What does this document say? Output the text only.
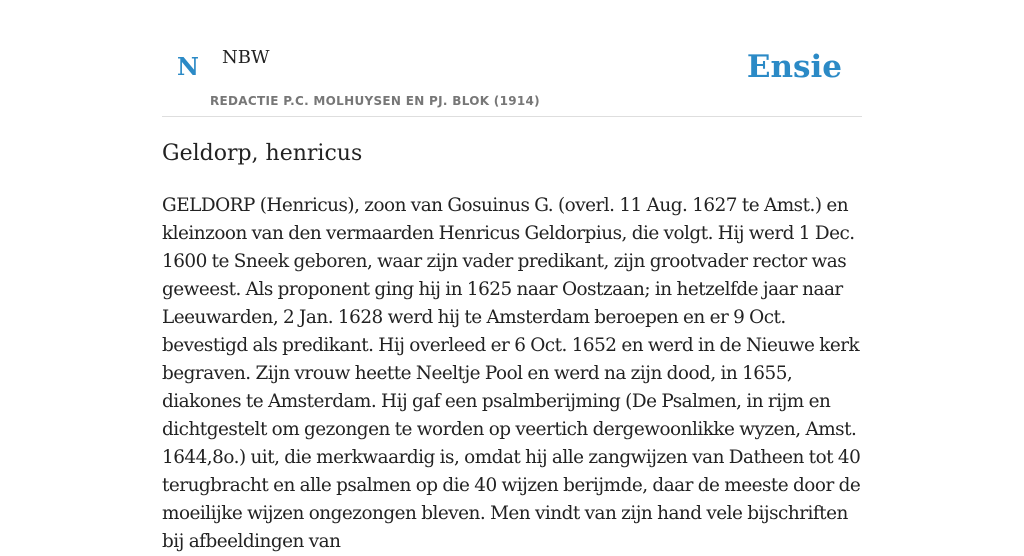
N NBW
REDACTIE P.C. MOLHUYSEN EN PJ. BLOK (1914)
Ensie
Geldorp, henricus

GELDORP (Henricus), zoon van Gosuinus G. (overl. 11 Aug. 1627 te Amst.) en kleinzoon van den vermaarden Henricus Geldorpius, die volgt. Hij werd 1 Dec. 1600 te Sneek geboren, waar zijn vader predikant, zijn grootvader rector was geweest. Als proponent ging hij in 1625 naar Oostzaan; in hetzelfde jaar naar Leeuwarden, 2 Jan. 1628 werd hij te Amsterdam beroepen en er 9 Oct. bevestigd als predikant. Hij overleed er 6 Oct. 1652 en werd in de Nieuwe kerk begraven. Zijn vrouw heette Neeltje Pool en werd na zijn dood, in 1655, diakones te Amsterdam. Hij gaf een psalmberijming (De Psalmen, in rijm en dichtgestelt om gezongen te worden op veertich dergewoonlikke wyzen, Amst. 1644,8o.) uit, die merkwaardig is, omdat hij alle zangwijzen van Datheen tot 40 terugbracht en alle psalmen op die 40 wijzen berijmde, daar de meeste door de moeilijke wijzen ongezongen bleven. Men vindt van zijn hand vele bijschriften bij afbeeldingen van
